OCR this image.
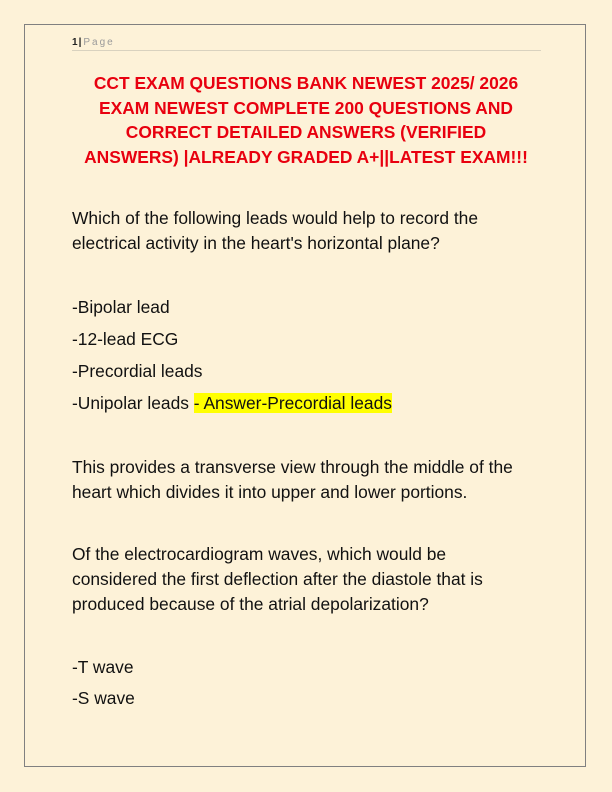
1| Page
CCT EXAM QUESTIONS BANK NEWEST 2025/ 2026
EXAM NEWEST COMPLETE 200 QUESTIONS AND
CORRECT DETAILED ANSWERS (VERIFIED
ANSWERS) |ALREADY GRADED A+||LATEST EXAM!!!

Which of the following leads would help to record the

electrical activity in the heart's horizontal plane?

-Bipolar lead

-12-lead ECG

-Precordial leads

-Unipolar leads - Answer-Precordial leads

This provides a transverse view through the middle of the

heart which divides it into upper and lower portions.

Of the electrocardiogram waves, which would be

considered the first deflection after the diastole that is

produced because of the atrial depolarization?

-T wave

-S wave
